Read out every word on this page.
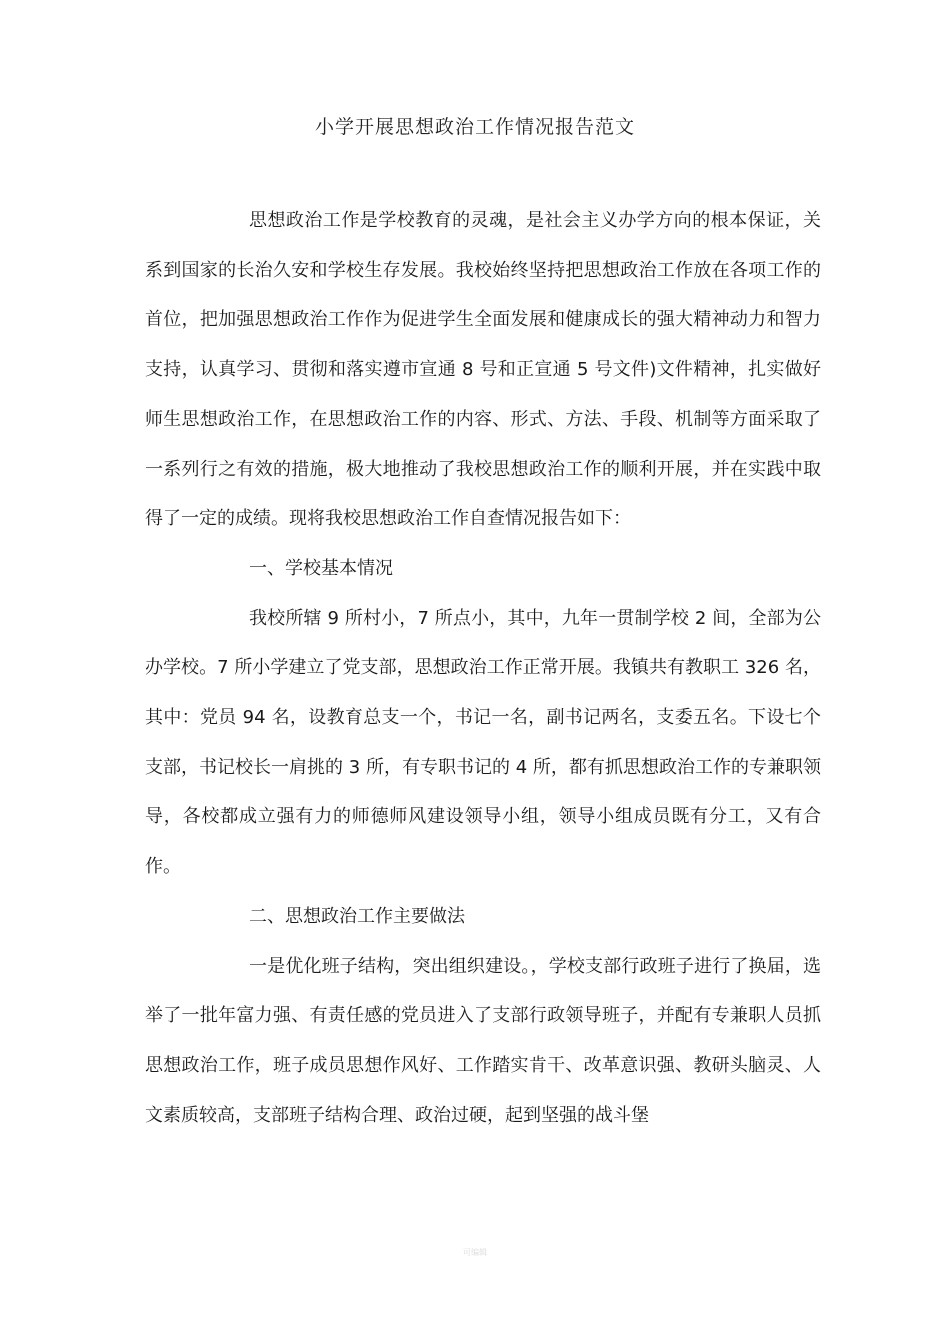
小学开展思想政治工作情况报告范文

思想政治工作是学校教育的灵魂，是社会主义办学方向的根本保证，关系到国家的长治久安和学校生存发展。我校始终坚持把思想政治工作放在各项工作的首位，把加强思想政治工作作为促进学生全面发展和健康成长的强大精神动力和智力支持，认真学习、贯彻和落实遵市宣通 8 号和正宣通 5 号文件)文件精神，扎实做好师生思想政治工作，在思想政治工作的内容、形式、方法、手段、机制等方面采取了一系列行之有效的措施，极大地推动了我校思想政治工作的顺利开展，并在实践中取得了一定的成绩。现将我校思想政治工作自查情况报告如下：

一、学校基本情况

我校所辖 9 所村小，7 所点小，其中，九年一贯制学校 2 间，全部为公办学校。7 所小学建立了党支部，思想政治工作正常开展。我镇共有教职工 326 名，其中：党员 94 名，设教育总支一个，书记一名，副书记两名，支委五名。下设七个支部，书记校长一肩挑的 3 所，有专职书记的 4 所，都有抓思想政治工作的专兼职领导，各校都成立强有力的师德师风建设领导小组，领导小组成员既有分工，又有合作。

二、思想政治工作主要做法

一是优化班子结构，突出组织建设。，学校支部行政班子进行了换届，选举了一批年富力强、有责任感的党员进入了支部行政领导班子，并配有专兼职人员抓思想政治工作，班子成员思想作风好、工作踏实肯干、改革意识强、教研头脑灵、人文素质较高，支部班子结构合理、政治过硬，起到坚强的战斗堡

可编辑
